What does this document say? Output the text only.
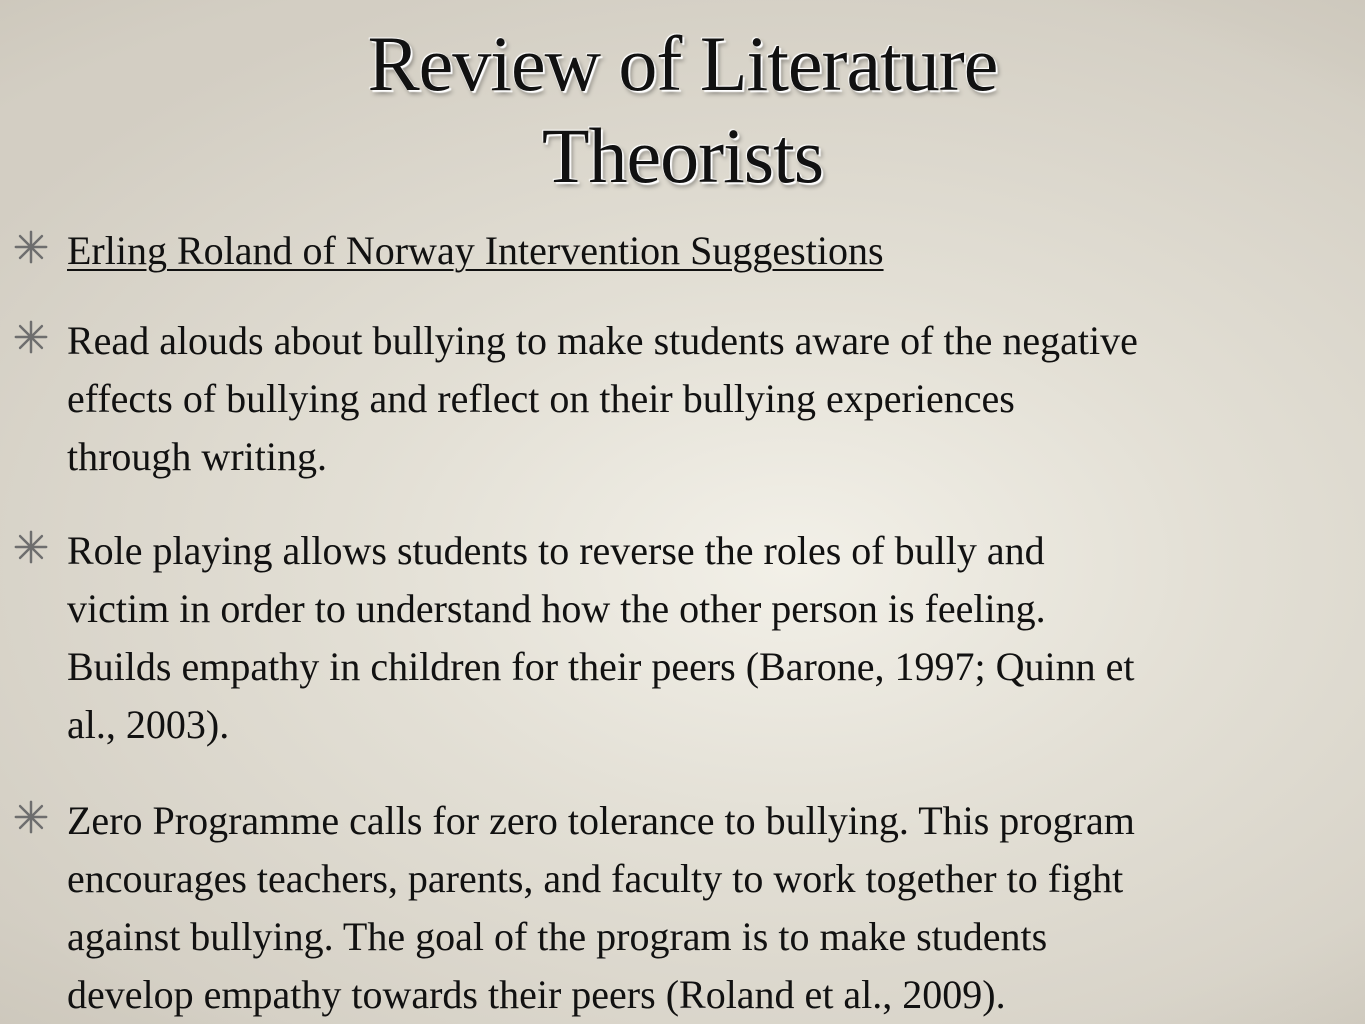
Review of Literature
Theorists
Erling Roland of Norway Intervention Suggestions
Read alouds about bullying to make students aware of the negative
effects of bullying and reflect on their bullying experiences
through writing.
Role playing allows students to reverse the roles of bully and
victim in order to understand how the other person is feeling.
Builds empathy in children for their peers (Barone, 1997; Quinn et
al., 2003).
Zero Programme calls for zero tolerance to bullying. This program
encourages teachers, parents, and faculty to work together to fight
against bullying. The goal of the program is to make students
develop empathy towards their peers (Roland et al., 2009).
